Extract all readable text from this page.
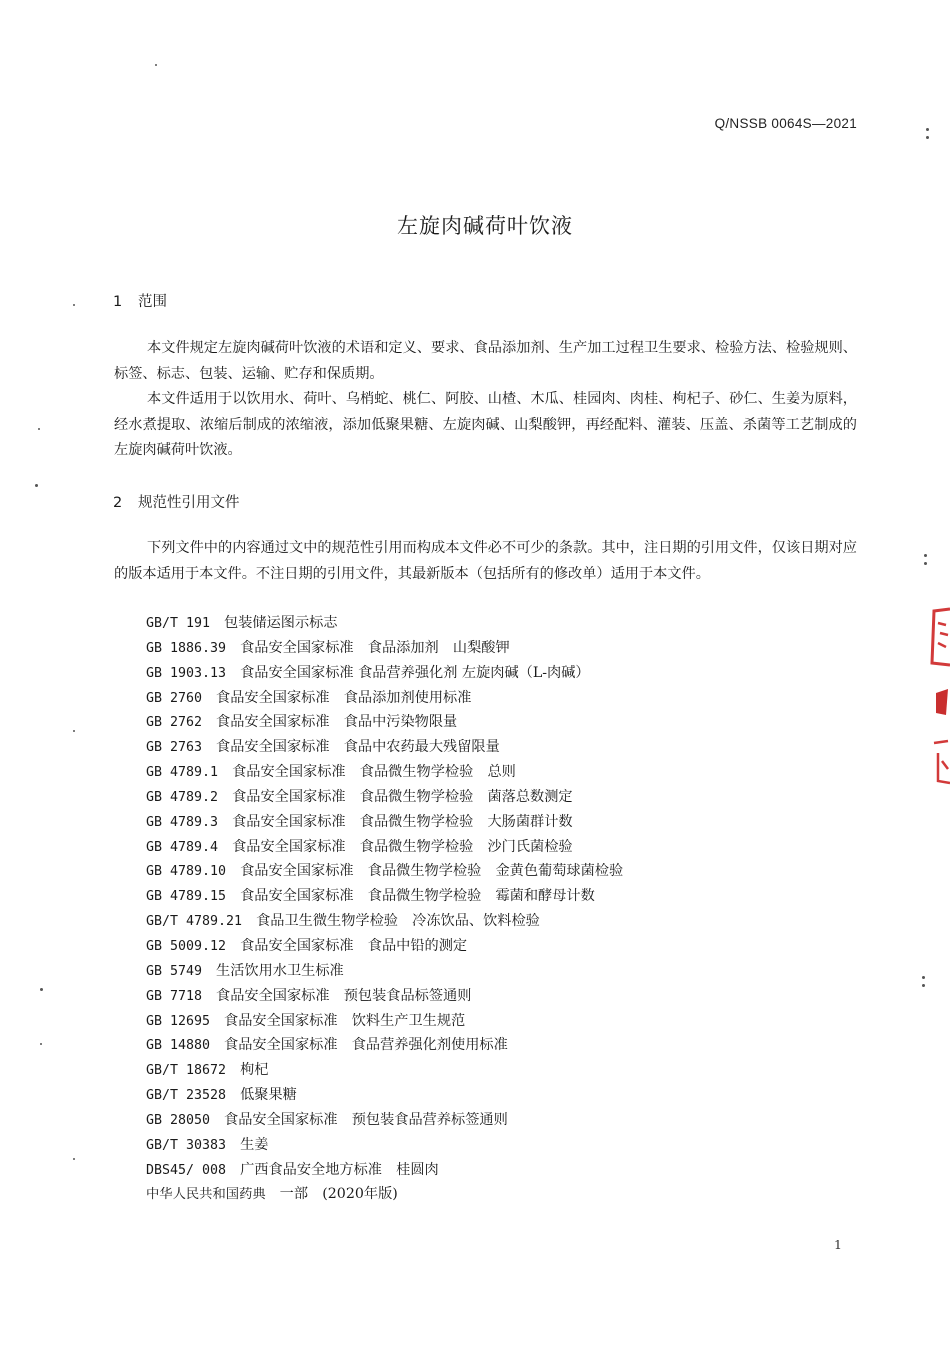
Q/NSSB 0064S—2021
左旋肉碱荷叶饮液
1 范围
本文件规定左旋肉碱荷叶饮液的术语和定义、要求、食品添加剂、生产加工过程卫生要求、检验方法、检验规则、标签、标志、包装、运输、贮存和保质期。
本文件适用于以饮用水、荷叶、乌梢蛇、桃仁、阿胶、山楂、木瓜、桂园肉、肉桂、枸杞子、砂仁、生姜为原料，经水煮提取、浓缩后制成的浓缩液，添加低聚果糖、左旋肉碱、山梨酸钾，再经配料、灌装、压盖、杀菌等工艺制成的左旋肉碱荷叶饮液。
2 规范性引用文件
下列文件中的内容通过文中的规范性引用而构成本文件必不可少的条款。其中，注日期的引用文件，仅该日期对应的版本适用于本文件。不注日期的引用文件，其最新版本（包括所有的修改单）适用于本文件。
GB/T 191 包装储运图示标志
GB 1886.39 食品安全国家标准　食品添加剂　山梨酸钾
GB 1903.13 食品安全国家标准 食品营养强化剂 左旋肉碱（L-肉碱）
GB 2760 食品安全国家标准　食品添加剂使用标准
GB 2762 食品安全国家标准　食品中污染物限量
GB 2763 食品安全国家标准　食品中农药最大残留限量
GB 4789.1 食品安全国家标准　食品微生物学检验　总则
GB 4789.2 食品安全国家标准　食品微生物学检验　菌落总数测定
GB 4789.3 食品安全国家标准　食品微生物学检验　大肠菌群计数
GB 4789.4 食品安全国家标准　食品微生物学检验　沙门氏菌检验
GB 4789.10 食品安全国家标准　食品微生物学检验　金黄色葡萄球菌检验
GB 4789.15 食品安全国家标准　食品微生物学检验　霉菌和酵母计数
GB/T 4789.21 食品卫生微生物学检验　冷冻饮品、饮料检验
GB 5009.12 食品安全国家标准　食品中铅的测定
GB 5749 生活饮用水卫生标准
GB 7718 食品安全国家标准　预包装食品标签通则
GB 12695 食品安全国家标准　饮料生产卫生规范
GB 14880 食品安全国家标准　食品营养强化剂使用标准
GB/T 18672 枸杞
GB/T 23528 低聚果糖
GB 28050 食品安全国家标准　预包装食品营养标签通则
GB/T 30383 生姜
DBS45/ 008 广西食品安全地方标准　桂圆肉
中华人民共和国药典 一部　(2020年版)
1
